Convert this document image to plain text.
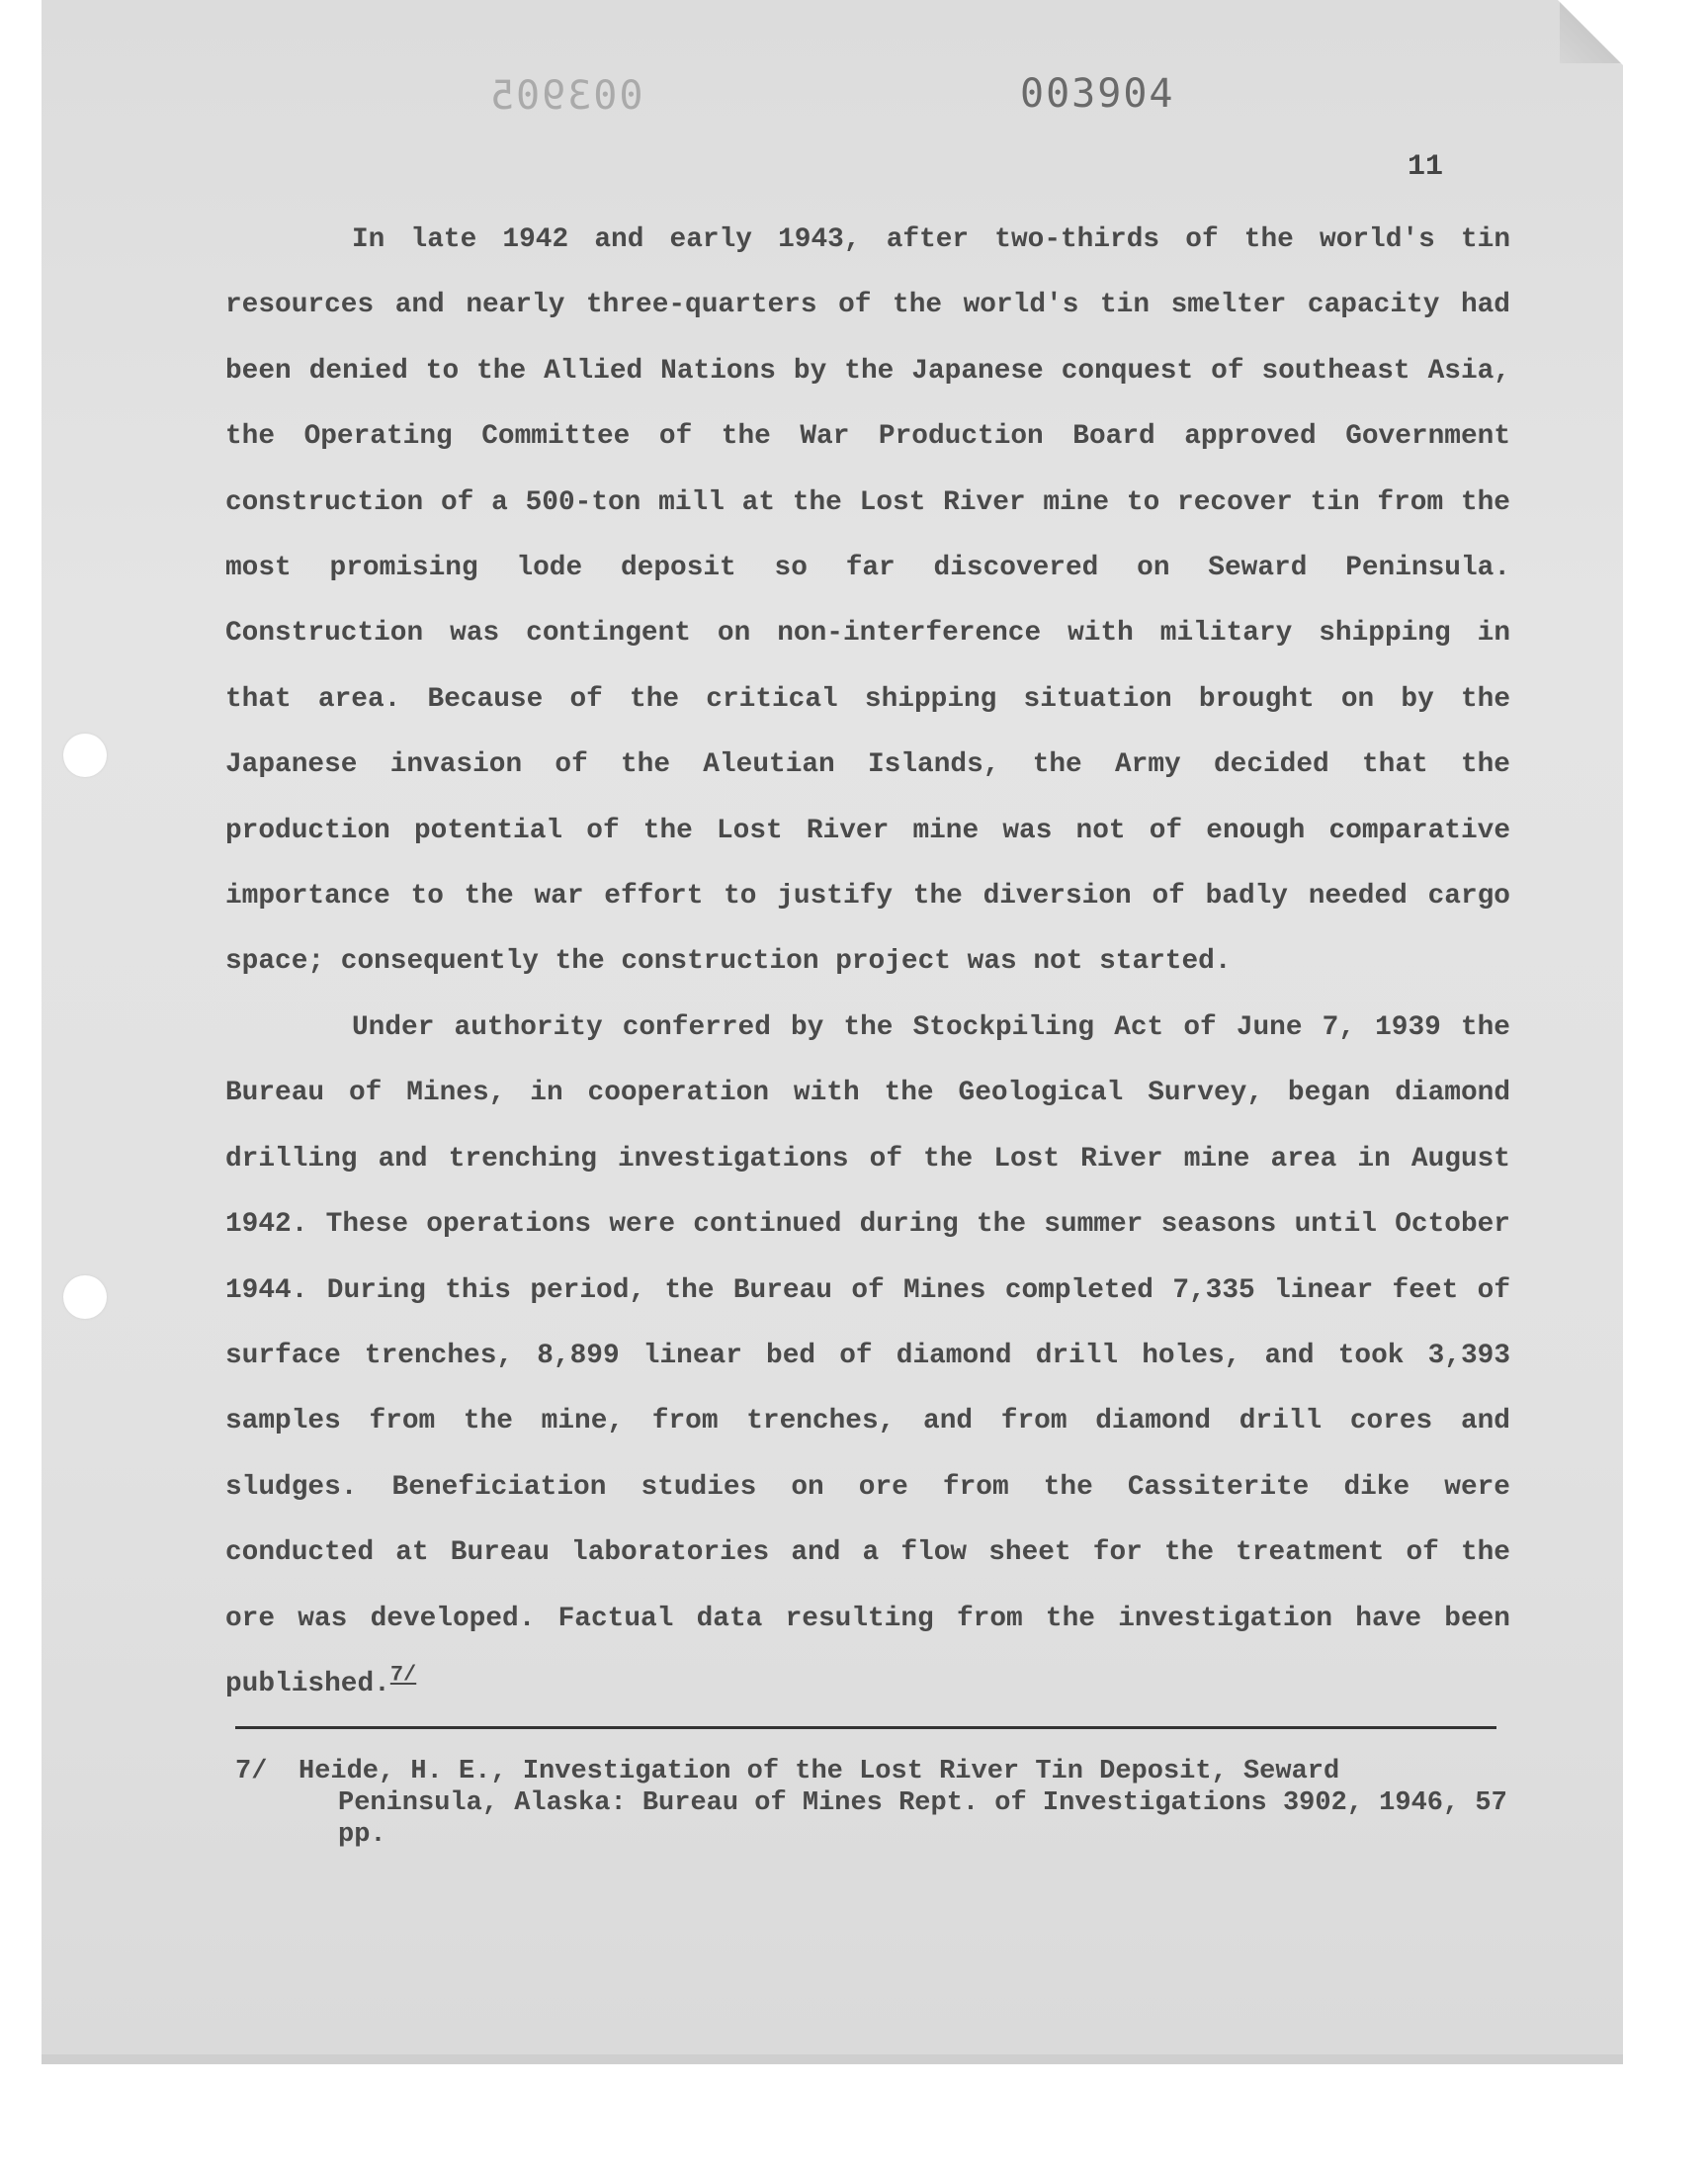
003905	003904
11

In late 1942 and early 1943, after two-thirds of the world's tin resources and nearly three-quarters of the world's tin smelter capacity had been denied to the Allied Nations by the Japanese conquest of southeast Asia, the Operating Committee of the War Production Board approved Government construction of a 500-ton mill at the Lost River mine to recover tin from the most promising lode deposit so far discovered on Seward Peninsula. Construction was contingent on non-interference with military shipping in that area. Because of the critical shipping situation brought on by the Japanese invasion of the Aleutian Islands, the Army decided that the production potential of the Lost River mine was not of enough comparative importance to the war effort to justify the diversion of badly needed cargo space; consequently the construction project was not started.

Under authority conferred by the Stockpiling Act of June 7, 1939 the Bureau of Mines, in cooperation with the Geological Survey, began diamond drilling and trenching investigations of the Lost River mine area in August 1942. These operations were continued during the summer seasons until October 1944. During this period, the Bureau of Mines completed 7,335 linear feet of surface trenches, 8,899 linear bed of diamond drill holes, and took 3,393 samples from the mine, from trenches, and from diamond drill cores and sludges. Beneficiation studies on ore from the Cassiterite dike were conducted at Bureau laboratories and a flow sheet for the treatment of the ore was developed. Factual data resulting from the investigation have been published.$^{7/}$

7/ Heide, H. E., Investigation of the Lost River Tin Deposit, Seward Peninsula, Alaska: Bureau of Mines Rept. of Investigations 3902, 1946, 57 pp.
